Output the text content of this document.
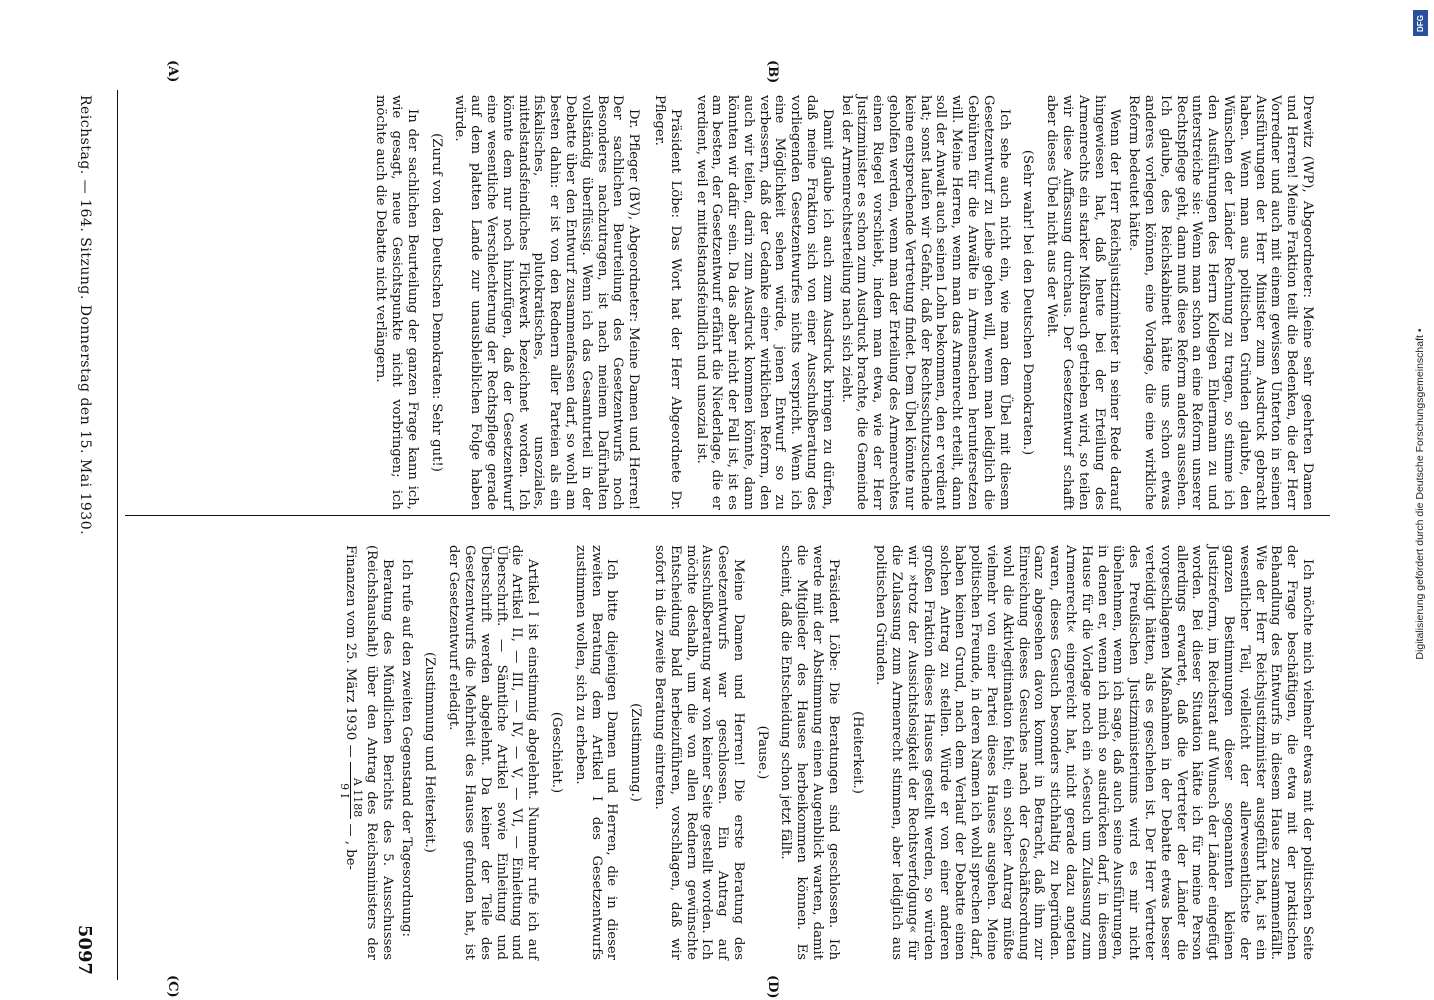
Reichstag. — 164. Sitzung. Donnerstag den 15. Mai 1930.
5097
(A)	(B)
(C)	(D)

Drewitz (WP), Abgeordneter: Meine sehr geehrten Damen und Herren! Meine Fraktion teilt die Bedenken, die der Herr Vorredner und auch mit einem gewissen Unterton in seinen Ausführungen der Herr Minister zum Ausdruck gebracht haben. Wenn man aus politischen Gründen glaubte, den Wünschen der Länder Rechnung zu tragen, so stimme ich den Ausführungen des Herrn Kollegen Ehlermann zu und unterstreiche sie: Wenn man schon an eine Reform unserer Rechtspflege geht, dann muß diese Reform anders aussehen. Ich glaube, des Reichskabinett hätte uns schon etwas anderes vorlegen können, eine Vorlage, die eine wirkliche Reform bedeutet hätte.

Wenn der Herr Reichsjustizminister in seiner Rede darauf hingewiesen hat, daß heute bei der Erteilung des Armenrechts ein starker Mißbrauch getrieben wird, so teilen wir diese Auffassung durchaus. Der Gesetzentwurf schafft aber dieses Übel nicht aus der Welt.

(Sehr wahr! bei den Deutschen Demokraten.)

Ich sehe auch nicht ein, wie man dem Übel mit diesem Gesetzentwurf zu Leibe gehen will, wenn man lediglich die Gebühren für die Anwälte in Armensachen heruntersetzen will. Meine Herren, wenn man das Armenrecht erteilt, dann soll der Anwalt auch seinen Lohn bekommen, den er verdient hat; sonst laufen wir Gefahr, daß der Rechtsschutzsuchende keine entsprechende Vertretung findet. Dem Übel könnte nur geholfen werden, wenn man der Erteilung des Armenrechtes einen Riegel vorschiebt, indem man etwa, wie der Herr Justizminister es schon zum Ausdruck brachte, die Gemeinde bei der Armenrechtserteilung nach sich zieht.

Damit glaube ich auch zum Ausdruck bringen zu dürfen, daß meine Fraktion sich von einer Ausschußberatung des vorliegenden Gesetzentwurfes nichts verspricht. Wenn ich eine Möglichkeit sehen würde, jenen Entwurf so zu verbessern, daß der Gedanke einer wirklichen Reform, den auch wir teilen, darin zum Ausdruck kommen könnte, dann könnten wir dafür sein. Da das aber nicht der Fall ist, ist es am besten, der Gesetzentwurf erfährt die Niederlage, die er verdient, weil er mittelstandsfeindlich und unsozial ist.

Präsident Löbe: Das Wort hat der Herr Abgeordnete Dr. Pfleger.

Dr. Pfleger (BV), Abgeordneter: Meine Damen und Herren! Der sachlichen Beurteilung des Gesetzentwurfs noch Besonderes nachzutragen, ist nach meinem Dafürhalten vollständig überflüssig. Wenn ich das Gesamturteil in der Debatte über den Entwurf zusammenfassen darf, so wohl am besten dahin: er ist von den Rednern aller Parteien als ein fiskalisches, plutokratisches, unsoziales, mittelstandsfeindliches Flickwerk bezeichnet worden. Ich könnte dem nur noch hinzufügen, daß der Gesetzentwurf eine wesentliche Verschlechterung der Rechtspflege gerade auf dem platten Lande zur unausbleiblichen Folge haben würde.

(Zuruf von den Deutschen Demokraten: Sehr gut!)

In der sachlichen Beurteilung der ganzen Frage kann ich, wie gesagt, neue Gesichtspunkte nicht vorbringen; ich möchte auch die Debatte nicht verlängern.

Ich möchte mich vielmehr etwas mit der politischen Seite der Frage beschäftigen, die etwa mit der praktischen Behandlung des Entwurfs in diesem Hause zusammenfällt. Wie der Herr Reichsjustizminister ausgeführt hat, ist ein wesentlicher Teil, vielleicht der allerwesentlichste der ganzen Bestimmungen dieser sogenannten kleinen Justizreform, im Reichsrat auf Wunsch der Länder eingefügt worden. Bei dieser Situation hätte ich für meine Person allerdings erwartet, daß die Vertreter der Länder die vorgeschlagenen Maßnahmen in der Debatte etwas besser verteidigt hätten, als es geschehen ist. Der Herr Vertreter des Preußischen Justizministeriums wird es mir nicht übelnehmen, wenn ich sage, daß auch seine Ausführungen, in denen er, wenn ich mich so ausdrücken darf, in diesem Hause für die Vorlage noch ein »Gesuch um Zulassung zum Armenrecht« eingereicht hat, nicht gerade dazu angetan waren, dieses Gesuch besonders stichhaltig zu begründen. Ganz abgesehen davon kommt in Betracht, daß ihm zur Einreichung dieses Gesuches nach der Geschäftsordnung wohl die Aktivlegitimation fehlt; ein solcher Antrag müßte vielmehr von einer Partei dieses Hauses ausgehen. Meine politischen Freunde, in deren Namen ich wohl sprechen darf, haben keinen Grund, nach dem Verlauf der Debatte einen solchen Antrag zu stellen. Würde er von einer anderen großen Fraktion dieses Hauses gestellt werden, so würden wir »trotz der Aussichtslosigkeit der Rechtsverfolgung« für die Zulassung zum Armenrecht stimmen, aber lediglich aus politischen Gründen.

(Heiterkeit.)

Präsident Löbe: Die Beratungen sind geschlossen. Ich werde mit der Abstimmung einen Augenblick warten, damit die Mitglieder des Hauses herbeikommen können. Es scheint, daß die Entscheidung schon jetzt fällt.

(Pause.)

Meine Damen und Herren! Die erste Beratung des Gesetzentwurfs war geschlossen. Ein Antrag auf Ausschußberatung war von keiner Seite gestellt worden. Ich möchte deshalb, um die von allen Rednern gewünschte Entscheidung bald herbeizuführen, vorschlagen, daß wir sofort in die zweite Beratung eintreten.

(Zustimmung.)

Ich bitte diejenigen Damen und Herren, die in dieser zweiten Beratung dem Artikel I des Gesetzentwurfs zustimmen wollen, sich zu erheben.

(Geschieht.)

Artikel I ist einstimmig abgelehnt. Nunmehr rufe ich auf die Artikel II, — III, — IV, — V, — VI, — Einleitung und Überschrift. — Sämtliche Artikel sowie Einleitung und Überschrift werden abgelehnt. Da keiner der Teile des Gesetzentwurfs die Mehrheit des Hauses gefunden hat, ist der Gesetzentwurf erledigt.

(Zustimmung und Heiterkeit.)

Ich rufe auf den zweiten Gegenstand der Tagesordnung:

Beratung des Mündlichen Berichts des 5. Ausschusses (Reichshaushalt) über den Antrag des Reichsministers der Finanzen vom 25. März 1930 —
A 1188
9 I — , be-

DFG
Digitalisierung gefördert durch die Deutsche Forschungsgemeinschaft •
